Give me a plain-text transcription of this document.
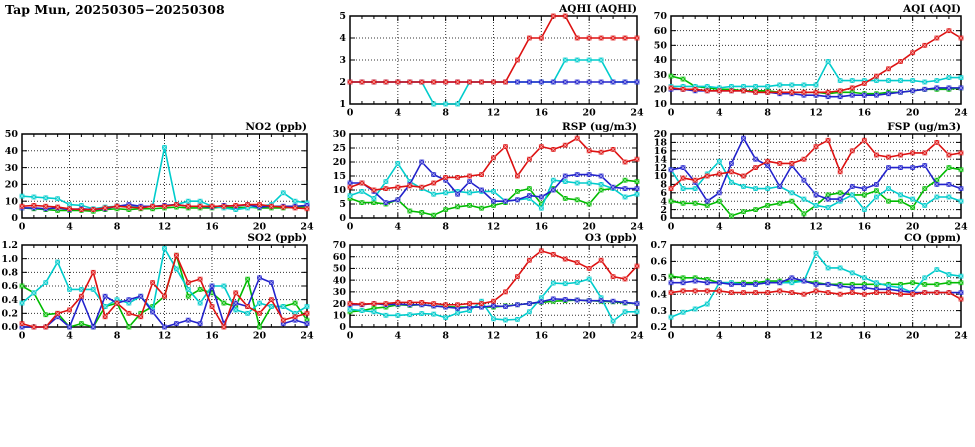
Tap Mun, 20250305−20250308
1
2
3
4
5
0	4	8	12	16	20	24
AQHI (AQHI)
10
20
30
40
50
60
70
0	4	8	12	16	20	24
AQI (AQI)
0
10
20
30
40
50
0	4	8	12	16	20	24
NO2 (ppb)
0
5
10
15
20
25
30
0	4	8	12	16	20	24
RSP (ug/m3)
0
2
4
6
8
10
12
14
16
18
20
0	4	8	12	16	20	24
FSP (ug/m3)
0.0
0.2
0.4
0.6
0.8
1.0
1.2
0	4	8	12	16	20	24
SO2 (ppb)
0
10
20
30
40
50
60
70
0	4	8	12	16	20	24
O3 (ppb)
0.2
0.3
0.4
0.5
0.6
0.7
0	4	8	12	16	20	24
CO (ppm)
